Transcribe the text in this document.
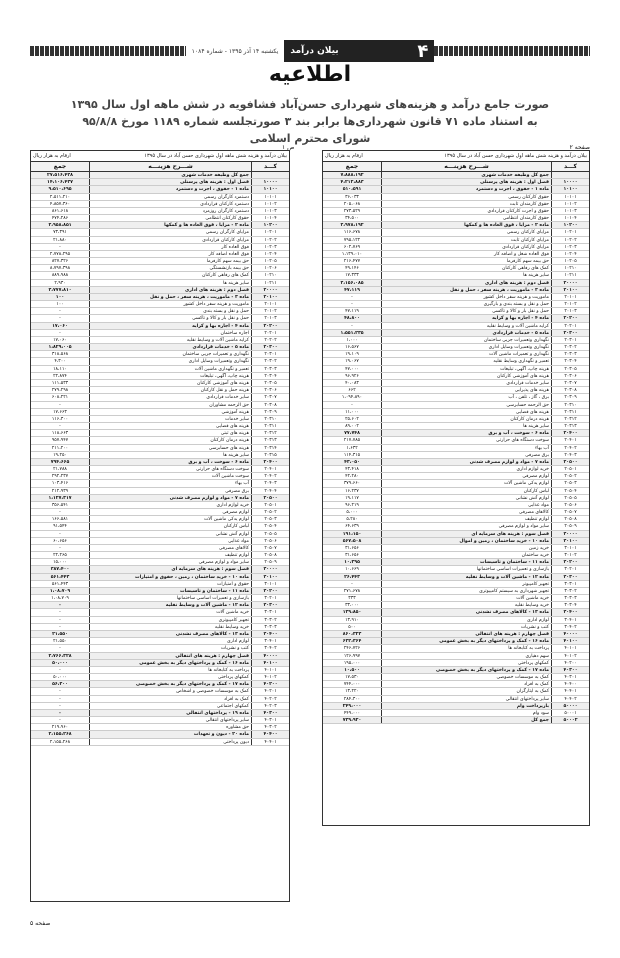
۴
بیلان درآمد
یکشنبه ۱۴ آذر ۱۳۹۵ - شماره ۱۰۸۴
اطلاعیه
صورت جامع درآمد و هزینه‌های شهرداری حسن‌آباد فشافویه در شش ماهه اول سال ۱۳۹۵ به استناد ماده ۷۱ قانون شهرداری‌ها برابر بند ۳ صورتجلسه شماره ۱۱۸۹ مورخ ۹۵/۸/۸ شورای محترم اسلامی
صفحه ۲
ص ۱
صفحه ۵
بیلان درآمد و هزینه شش ماهه اول شهرداری حسن آباد در سال ۱۳۹۵
ارقام به هزار ریال
کـــد
شـــرح هزینـــه
جمع
جمع کل وظیفه خدمات شهری
۷،۸۸۸،۱۹۲
۱۰۰۰۰
فصل اول : هزینه های پرسنلی
۴،۲۱۲،۸۸۳
۱۰۱۰۰
ماده ۱ - حقوق ، اجرت و دستمزد
۵۱۰،۵۹۱
۱۰۱۰۱
حقوق کارکنان رسمی
۳۶،۰۳۳
۱۰۱۰۲
حقوق کارمندان ثابت
۲۰۵،۰۶۸
۱۰۱۰۳
حقوق و اجرت کارکنان قراردادی
۲۷۳،۵۲۹
۱۰۱۰۴
حقوق کارمندان انتظامی
۳۴،۵۰۰
۱۰۲۰۰
ماده ۲ - مزایا ، فوق العاده ها و کمکها
۲،۹۷۸،۱۹۲
۱۰۲۰۱
مزایای کارکنان رسمی
۱۱۶،۶۷۸
۱۰۲۰۲
مزایای کارکنان ثابت
۷۹۵،۱۲۲
۱۰۲۰۳
مزایای کارکنان قراردادی
۶۰۲،۷۶۹
۱۰۲۰۴
فوق العاده شغل و اضافه کار
۱،۱۳۹،۰۱۰
۱۰۲۰۵
حق بیمه سهم کارفرما
۲۱۶،۴۷۷
۱۰۲۱۰
کمک های رفاهی کارکنان
۴۹،۱۴۶
۱۰۲۱۱
سایر هزینه ها
۱۷،۳۳۳
۲۰۰۰۰
فصل دوم : هزینه های اداری
۲،۱۵۶،۰۸۵
۲۰۱۰۰
ماده ۳ - ماموریت ، هزینه سفر ، حمل و نقل
۴۷،۱۱۹
۲۰۱۰۱
ماموریت و هزینه سفر داخل کشور
-
۲۰۱۰۲
حمل و نقل و بسته بندی و بارگیری
-
۲۰۱۰۳
حمل و نقل بار و کالا و تاکسی
۴۷،۱۱۹
۲۰۲۰۰
ماده ۴ - اجاره بها و کرایه
۴۸،۸۰۰
۲۰۲۰۱
کرایه ماشین آلات و وسایط نقلیه
-
۲۰۳۰۰
ماده ۵ - خدمات قراردادی
۱،۵۵۱،۲۳۵
۲۰۳۰۱
نگهداری وتعمیرات جزیی ساختمان
۱،۰۰۰
۲۰۳۰۲
نگهداری وتعمیرات وسایل اداری
۱۶،۵۶۷
۲۰۳۰۳
نگهداری و تعمیرات ماشین آلات
۱۹،۱۰۹
۲۰۳۰۴
تعمیر و نگهداری وسایط نقلیه
۱۹،۰۶۷
۲۰۳۰۵
هزینه چاپ، آگهی، تبلیغات
۴۷،۰۰۰
۲۰۳۰۶
هزینه های آموزشی کارکنان
۹۶،۹۲۶
۲۰۳۰۷
سایر خدمات قراردادی
۴۰،۰۸۳
۲۰۳۰۸
هزینه های پذیرایی
۶۶۲
۲۰۳۰۹
برق ، گاز ، تلفن ، آب
۱،۰۹۴،۸۹۰
۲۰۳۱۰
حق الزحمه حسابرسی
-
۲۰۳۱۱
هزینه های قضایی
۱۱،۰۰۰
۲۰۳۱۲
هزینه درمان کارکنان
۲۵،۶۰۲
۲۰۳۱۳
سایر هزینه ها
۸۹،۰۰۲
۲۰۴۰۰
ماده ۶ - سوخت ، آب و برق
۷۷،۷۴۸
۲۰۴۰۱
سوخت دستگاه های حرارتی
۲۱۷،۷۸۵
۲۰۴۰۲
آب بهاء
۱،۶۳۲
۲۰۴۰۳
برق مصرفی
۱۱۴،۳۱۵
۲۰۵۰۰
ماده ۷ - مواد و لوازم مصرف شدنی
۴۳،۰۵۰
۲۰۵۰۱
خرید لوازم اداری
۴۳،۴۱۸
۲۰۵۰۲
لوازم مصرفی
۴۲،۲۸۰
۲۰۵۰۳
لوازم یدکی ماشین آلات
۳۷۹،۶۶۰
۲۰۵۰۴
لباس کارکنان
۱۶،۲۳۷
۲۰۵۰۵
لوازم آتش نشانی
۱۹،۱۱۷
۲۰۵۰۶
مواد غذایی
۹۶،۲۱۹
۲۰۵۰۷
کالاهای مصرفی
۵،۰۰۰
۲۰۵۰۸
لوازم تنظیف
۵،۲۸۰
۲۰۵۰۹
سایر مواد و لوازم مصرفی
۶۴،۶۳۹
۳۰۰۰۰
فصل سوم : هزینه های سرمایه ای
۱۹۱،۱۵۰
۳۰۱۰۰
ماده ۱۰ - خرید ساختمان ، زمین و اموال
۵۶۷،۵۰۸
۳۰۱۰۱
خرید زمین
۳۱،۶۵۶
۳۰۱۰۲
خرید ساختمان
۳۱،۶۵۶
۳۰۲۰۰
ماده ۱۱ - ساختمان و تاسیسات
۱۰،۲۹۵
۳۰۲۰۱
بازسازی و تعمیرات اساسی ساختمانها
۱۰،۶۶۹
۳۰۳۰۰
ماده ۱۲ - ماشین آلات و وسایط نقلیه
۲۶،۴۴۳
۳۰۳۰۱
تجهیز کامپیوتر
-
۳۰۳۰۲
تجهیز شهرداری به سیستم کامپیوتری
۲۷۱،۶۷۸
۳۰۳۰۳
خرید ماشین آلات
۳۳۳
۳۰۳۰۴
خرید وسایط نقلیه
۳۳،۰۰۰
۳۰۴۰۰
ماده ۱۳ - کالاهای مصرف نشدنی
۱۲۹،۸۵۰
۳۰۴۰۱
لوازم اداری
۱۳،۹۱۰
۳۰۴۰۲
کتب و نشریات
۵۰۰
۴۰۰۰۰
فصل چهارم : هزینه های انتقالی
۸۶۰،۳۲۳
۴۰۱۰۰
ماده ۱۶ - کمک و پرداختهای دیگر به بخش عمومی
۶۲۲،۳۶۴
۴۰۱۰۱
پرداخت به کتابخانه ها
۲۴۶،۷۲۶
۴۰۱۰۲
سهم دهیاری
۱۲۶،۹۹۷
۴۰۲۰۰
کمکهای پرداختی
۱۹۵،۰۰۰
۴۰۳۰۰
ماده ۱۷ - کمک و پرداختهای دیگر به بخش خصوصی
۱۰،۵۰۰
۴۰۳۰۱
کمک به موسسات خصوصی
۱۷،۵۳۰
۴۰۴۰۰
کمک به افراد
۷۴۴،۰۰۰
۴۰۴۰۱
کمک به ایثارگران
۱۳،۲۲۰
۴۰۴۰۲
سایر پرداختهای انتقالی
۲۸۴،۳۰۰
۵۰۰۰۰
بازپرداخت وام
۲۴۹،۰۰۰
۵۰۰۰۱
سود وام
۴۴۹،۰۰۰
۵۰۰۰۲
جمع کل
۷۲۹،۹۲۰
بیلان درآمد و هزینه شش ماهه اول شهرداری حسن آباد در سال ۱۳۹۵
ارقام به هزار ریال
کـــد
شـــرح هزینـــه
جمع
جمع کل وظیفه خدمات شهری
۲۷،۵۱۶،۴۲۸
۱۰۰۰۰
فصل اول : هزینه های پرسنلی
۱۴،۱۰۶،۴۳۷
۱۰۱۰۰
ماده ۱ - حقوق ، اجرت و دستمزد
۹،۵۱۰،۶۹۵
۱۰۱۰۱
دستمزد کارگران رسمی
۲،۵۱۱،۲۱۰
۱۰۱۰۲
دستمزد کارکنان قراردادی
۴،۸۵۷،۳۶۰
۱۰۱۰۳
دستمزد کارگران روزمزد
۸۶۱،۶۱۸
۱۰۱۰۴
حقوق کارکنان انتظامی
۴۷۴،۲۸۶
۱۰۲۰۰
ماده ۲ - مزایا ، فوق العاده ها و کمکها
۲،۹۵۸،۸۵۱
۱۰۲۰۱
مزایای کارگران رسمی
۷۳،۳۹۱
۱۰۲۰۲
مزایای کارکنان قراردادی
۲۱،۸۸۰
۱۰۲۰۳
فوق العاده کار
-
۱۰۲۰۴
فوق العاده اضافه کار
۲،۷۷۸،۲۹۵
۱۰۲۰۵
حق بیمه سهم کارفرما
۸۲۷،۳۲۶
۱۰۲۰۶
حق بیمه بازنشستگی
۸،۷۹۷،۳۹۸
۱۰۲۱۰
کمک های رفاهی کارکنان
۸۸۹،۹۸۸
۱۰۲۱۱
سایر هزینه ها
۲،۹۳۰
۲۰۰۰۰
فصل دوم : هزینه های اداری
۳،۷۷۷،۸۱۰
۲۰۱۰۰
ماده ۳ - ماموریت ، هزینه سفر ، حمل و نقل
۱۰۰
۲۰۱۰۱
ماموریت و هزینه سفر داخل کشور
۱۰۰
۲۰۱۰۲
حمل و نقل و بسته بندی
-
۲۰۱۰۳
حمل و نقل بار و کالا و تاکسی
-
۲۰۲۰۰
ماده ۴ - اجاره بها و کرایه
۱۷،۰۶۰
۲۰۲۰۱
اجاره ساختمان
-
۲۰۲۰۲
کرایه ماشین آلات و وسایط نقلیه
۱۷،۰۶۰
۲۰۳۰۰
ماده ۵ - خدمات قراردادی
۱،۸۲۹،۰۰۵
۲۰۳۰۱
نگهداری و تعمیرات جزیی ساختمان
۳۱۸،۵۶۸
۲۰۳۰۲
نگهداری وتعمیرات وسایل اداری
۴،۳۰۰
۲۰۳۰۳
تعمیر و نگهداری ماشین آلات
۱۸،۱۱۰
۲۰۳۰۴
هزینه چاپ، آگهی، تبلیغات
۲۲،۸۷۴
۲۰۳۰۵
هزینه های آموزشی کارکنان
۱۱۱،۵۳۳
۲۰۳۰۶
هزینه حمل و نقل کارکنان
۲۷۹،۲۹۸
۲۰۳۰۷
سایر خدمات قراردادی
۶۰۸،۲۲۱
۲۰۳۰۸
حق الزحمه مشاوران
-
۲۰۳۰۹
هزینه آموزشی
۱۷،۶۶۳
۲۰۳۱۰
سایر خدمات
۱۱۶،۳۰۰
۲۰۳۱۱
هزینه های قضایی
-
۲۰۳۱۲
هزینه های ثبتی
۱۱۸،۶۶۳
۲۰۳۱۳
هزینه درمان کارکنان
۹۵۷،۹۴۷
۲۰۳۱۴
هزینه های حسابرسی
۲۱۱،۲۰۰
۲۰۳۱۵
سایر هزینه ها
۱۹،۲۵۰
۲۰۴۰۰
ماده ۶ - سوخت ، آب و برق
۷۹۴،۶۶۵
۲۰۴۰۱
سوخت دستگاه های حرارتی
۲۱،۷۸۸
۲۰۴۰۲
سوخت ماشین آلات
۲۹۲،۲۳۷
۲۰۴۰۳
آب بهاء
۱۰۳،۴۱۶
۲۰۴۰۴
برق مصرفی
۲۱۲،۹۳۹
۲۰۵۰۰
ماده ۷ - مواد و لوازم مصرف شدنی
۱،۱۲۷،۳۱۷
۲۰۵۰۱
خرید لوازم اداری
۳۵۶،۵۴۱
۲۰۵۰۲
لوازم مصرفی
-
۲۰۵۰۳
لوازم یدکی ماشین آلات
۱۶۶،۵۸۱
۲۰۵۰۴
لباس کارکنان
۹۱،۵۴۴
۲۰۵۰۵
لوازم آتش نشانی
-
۲۰۵۰۶
مواد غذایی
۶۰،۶۵۶
۲۰۵۰۷
کالاهای مصرفی
-
۲۰۵۰۸
لوازم تنظیف
۲۲،۲۶۵
۲۰۵۰۹
سایر مواد و لوازم مصرفی
۱۵،۰۰۰
۳۰۰۰۰
فصل سوم : هزینه های سرمایه ای
۳۸۷،۴۰۰
۳۰۱۰۰
ماده ۱۰ - خرید ساختمان ، زمین ، حقوق و امتیازات
۵۶۱،۴۴۳
۳۰۱۰۱
حقوق و امتیازات
۵۶۱،۴۴۳
۳۰۲۰۰
ماده ۱۱ - ساختمان و تاسیسات
۱،۰۸،۷۰۹
۳۰۲۰۱
بازسازی و تعمیرات اساسی ساختمانها
۱،۰۸،۷۰۹
۳۰۳۰۰
ماده ۱۲ - ماشین آلات و وسایط نقلیه
-
۳۰۳۰۱
خرید ماشین آلات
-
۳۰۳۰۲
تجهیز کامپیوتری
-
۳۰۳۰۳
خرید وسایط نقلیه
-
۳۰۴۰۰
ماده ۱۳ - کالاهای مصرف نشدنی
۲۱،۵۵۰
۳۰۴۰۱
لوازم اداری
۲۱،۵۵۰
۳۰۴۰۲
کتب و نشریات
-
۴۰۰۰۰
فصل چهارم : هزینه های انتقالی
۲،۷۶۶،۳۲۸
۴۰۱۰۰
ماده ۱۶ - کمک و پرداختهای دیگر به بخش عمومی
۵۰،۰۰۰
۴۰۱۰۱
پرداخت به کتابخانه ها
-
۴۰۱۰۲
کمکهای پرداختی
۵۰،۰۰۰
۴۰۲۰۰
ماده ۱۷ - کمک و پرداختهای دیگر به بخش خصوصی
۵۶،۲۰۰
۴۰۲۰۱
کمک به موسسات خصوصی و اشخاص
-
۴۰۲۰۲
کمک به افراد
-
۴۰۲۰۳
کمکهای اجتماعی
-
۴۰۳۰۰
ماده ۱۹ - پرداختهای انتقالی
-
۴۰۳۰۱
سایر پرداختهای انتقالی
-
۴۰۳۰۲
حق مشاوره
۲۱۹،۹۶۰
۴۰۴۰۰
ماده ۲۰ - دیون و تعهدات
۲،۱۵۵،۲۶۸
۴۰۴۰۱
دیون پرداختی
۲،۱۵۵،۲۶۸
